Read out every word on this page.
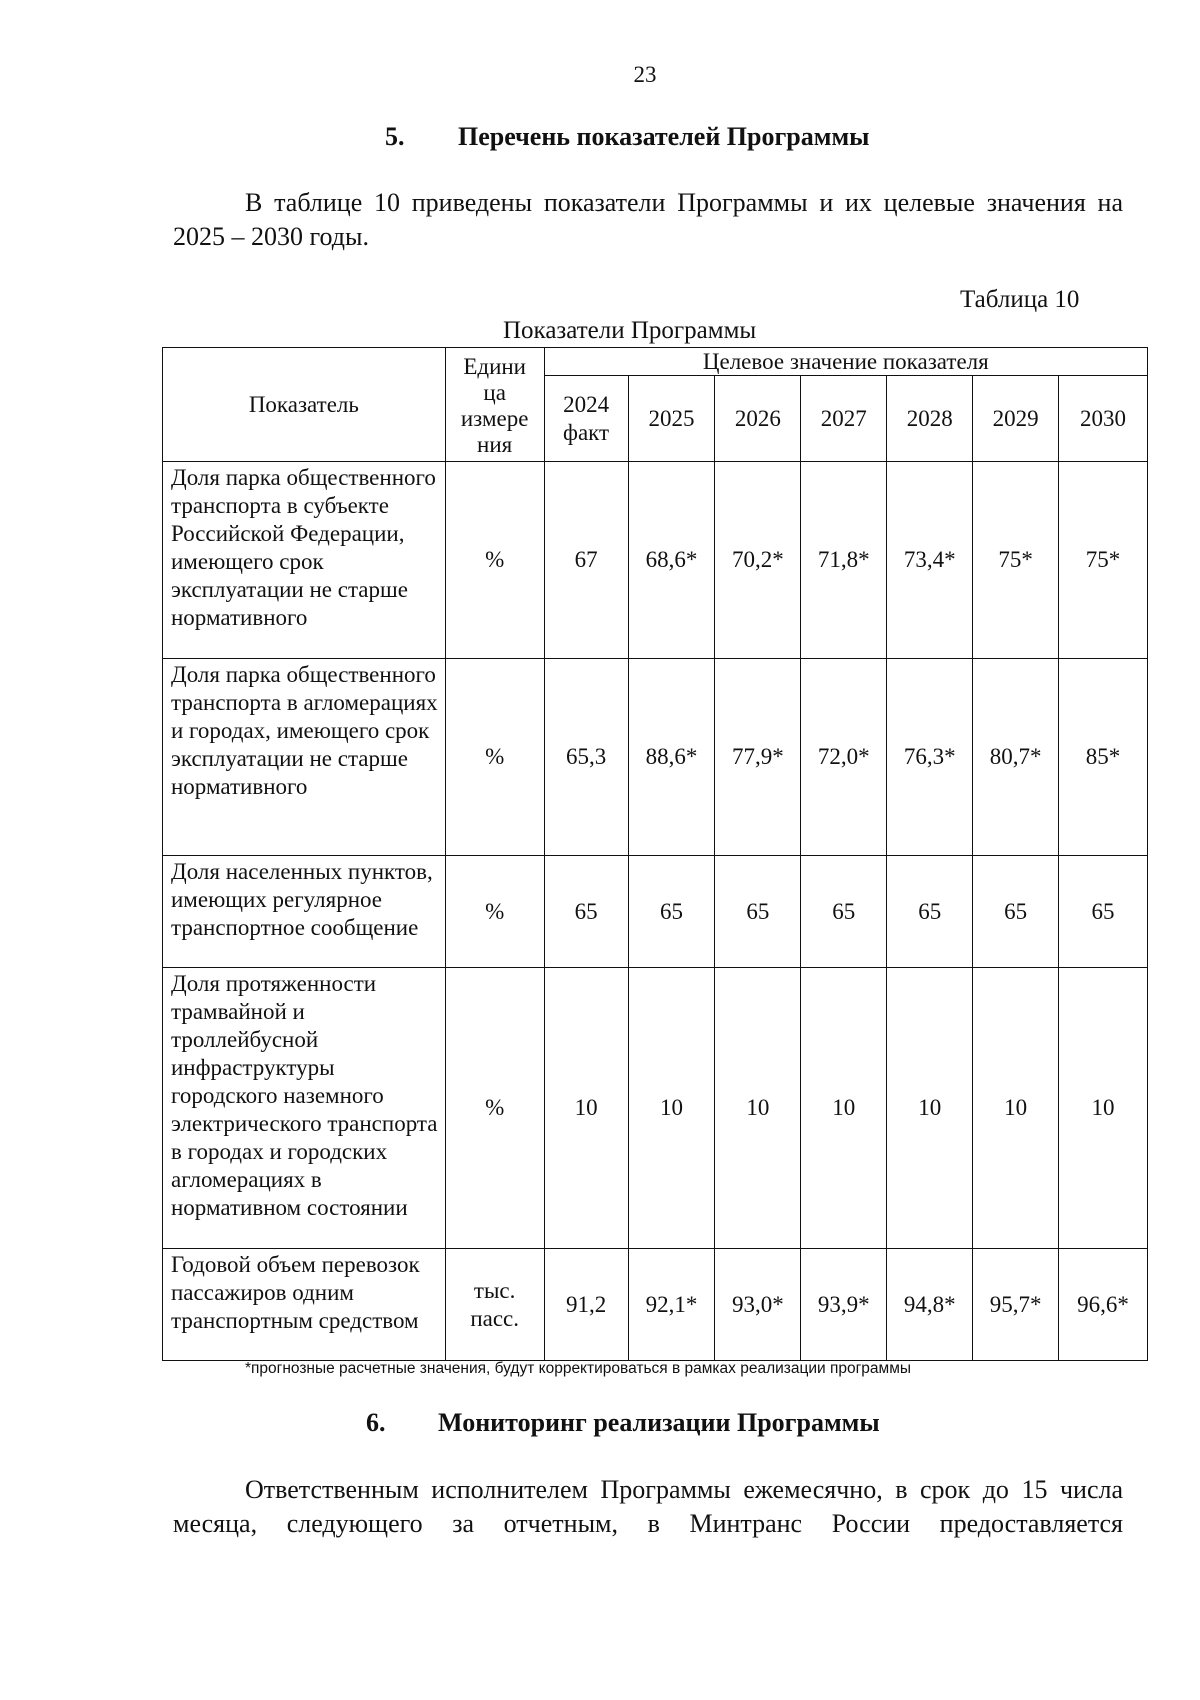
23
5. Перечень показателей Программы
В таблице 10 приведены показатели Программы и их целевые значения на 2025 – 2030 годы.
Таблица 10
Показатели Программы
Показатель	Едини ца измере ния	Целевое значение показателя						
		2024 факт	2025	2026	2027	2028	2029	2030
Доля парка общественного транспорта в субъекте Российской Федерации, имеющего срок эксплуатации не старше нормативного	%	67	68,6*	70,2*	71,8*	73,4*	75*	75*
Доля парка общественного транспорта в агломерациях и городах, имеющего срок эксплуатации не старше нормативного	%	65,3	88,6*	77,9*	72,0*	76,3*	80,7*	85*
Доля населенных пунктов, имеющих регулярное транспортное сообщение	%	65	65	65	65	65	65	65
Доля протяженности трамвайной и троллейбусной инфраструктуры городского наземного электрического транспорта в городах и городских агломерациях в нормативном состоянии	%	10	10	10	10	10	10	10
Годовой объем перевозок пассажиров одним транспортным средством	тыс. пасс.	91,2	92,1*	93,0*	93,9*	94,8*	95,7*	96,6*
*прогнозные расчетные значения, будут корректироваться в рамках реализации программы
6. Мониторинг реализации Программы
Ответственным исполнителем Программы ежемесячно, в срок до 15 числа месяца, следующего за отчетным, в Минтранс России предоставляется
